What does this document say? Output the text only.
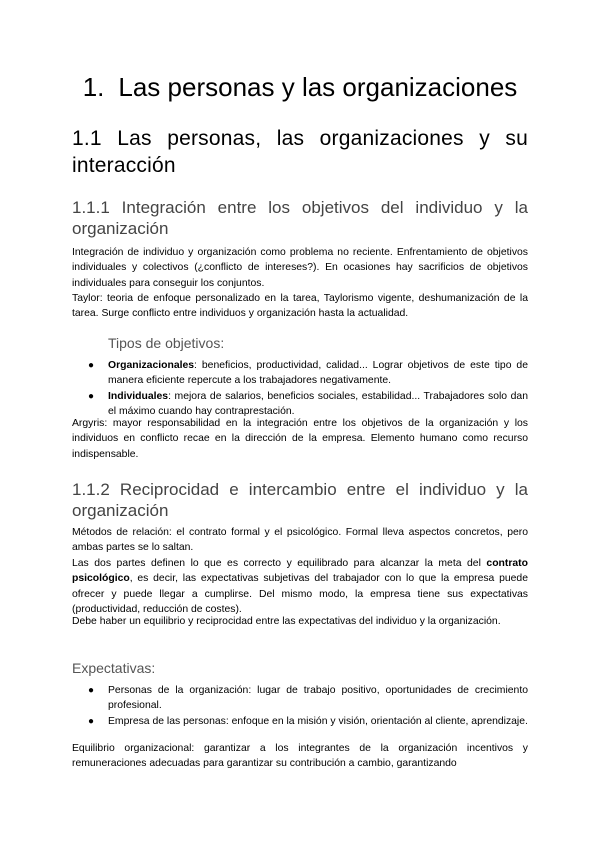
1. Las personas y las organizaciones
1.1 Las personas, las organizaciones y su interacción
1.1.1 Integración entre los objetivos del individuo y la organización
Integración de individuo y organización como problema no reciente. Enfrentamiento de objetivos individuales y colectivos (¿conflicto de intereses?). En ocasiones hay sacrificios de objetivos individuales para conseguir los conjuntos.
Taylor: teoria de enfoque personalizado en la tarea, Taylorismo vigente, deshumanización de la tarea. Surge conflicto entre individuos y organización hasta la actualidad.
Tipos de objetivos:
● Organizacionales: beneficios, productividad, calidad... Lograr objetivos de este tipo de manera eficiente repercute a los trabajadores negativamente.
● Individuales: mejora de salarios, beneficios sociales, estabilidad... Trabajadores solo dan el máximo cuando hay contraprestación.
Argyris: mayor responsabilidad en la integración entre los objetivos de la organización y los individuos en conflicto recae en la dirección de la empresa. Elemento humano como recurso indispensable.
1.1.2 Reciprocidad e intercambio entre el individuo y la organización
Métodos de relación: el contrato formal y el psicológico. Formal lleva aspectos concretos, pero ambas partes se lo saltan.
Las dos partes definen lo que es correcto y equilibrado para alcanzar la meta del contrato psicológico, es decir, las expectativas subjetivas del trabajador con lo que la empresa puede ofrecer y puede llegar a cumplirse. Del mismo modo, la empresa tiene sus expectativas (productividad, reducción de costes).
Debe haber un equilibrio y reciprocidad entre las expectativas del individuo y la organización.
Expectativas:
● Personas de la organización: lugar de trabajo positivo, oportunidades de crecimiento profesional.
● Empresa de las personas: enfoque en la misión y visión, orientación al cliente, aprendizaje.
Equilibrio organizacional: garantizar a los integrantes de la organización incentivos y remuneraciones adecuadas para garantizar su contribución a cambio, garantizando
